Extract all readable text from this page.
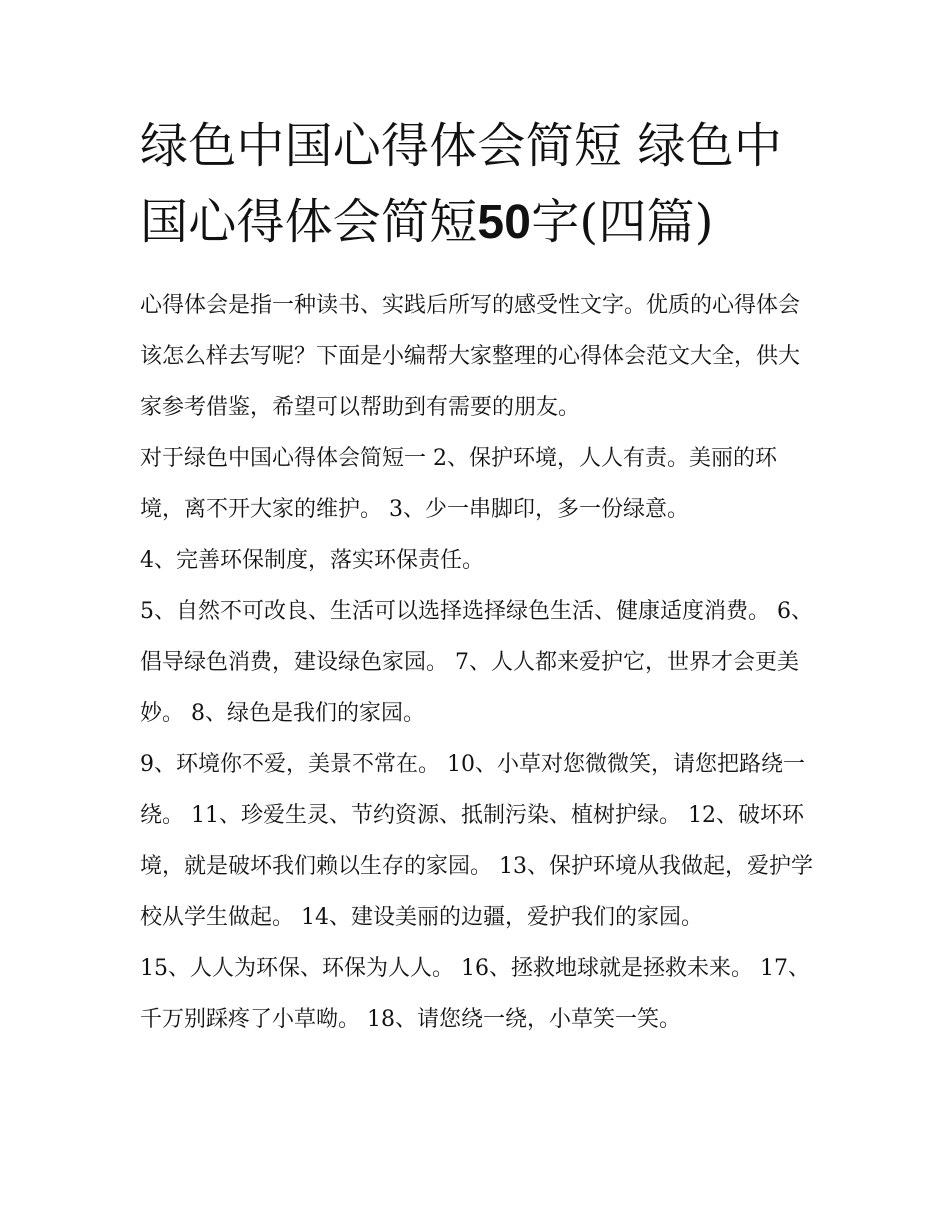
绿色中国心得体会简短 绿色中国心得体会简短50字(四篇)

心得体会是指一种读书、实践后所写的感受性文字。优质的心得体会该怎么样去写呢？下面是小编帮大家整理的心得体会范文大全，供大家参考借鉴，希望可以帮助到有需要的朋友。

对于绿色中国心得体会简短一 2、保护环境，人人有责。美丽的环境，离不开大家的维护。 3、少一串脚印，多一份绿意。

4、完善环保制度，落实环保责任。

5、自然不可改良、生活可以选择选择绿色生活、健康适度消费。 6、倡导绿色消费，建设绿色家园。 7、人人都来爱护它，世界才会更美妙。 8、绿色是我们的家园。

9、环境你不爱，美景不常在。 10、小草对您微微笑，请您把路绕一绕。 11、珍爱生灵、节约资源、抵制污染、植树护绿。 12、破坏环境，就是破坏我们赖以生存的家园。 13、保护环境从我做起，爱护学校从学生做起。 14、建设美丽的边疆，爱护我们的家园。

15、人人为环保、环保为人人。 16、拯救地球就是拯救未来。 17、千万别踩疼了小草呦。 18、请您绕一绕，小草笑一笑。
